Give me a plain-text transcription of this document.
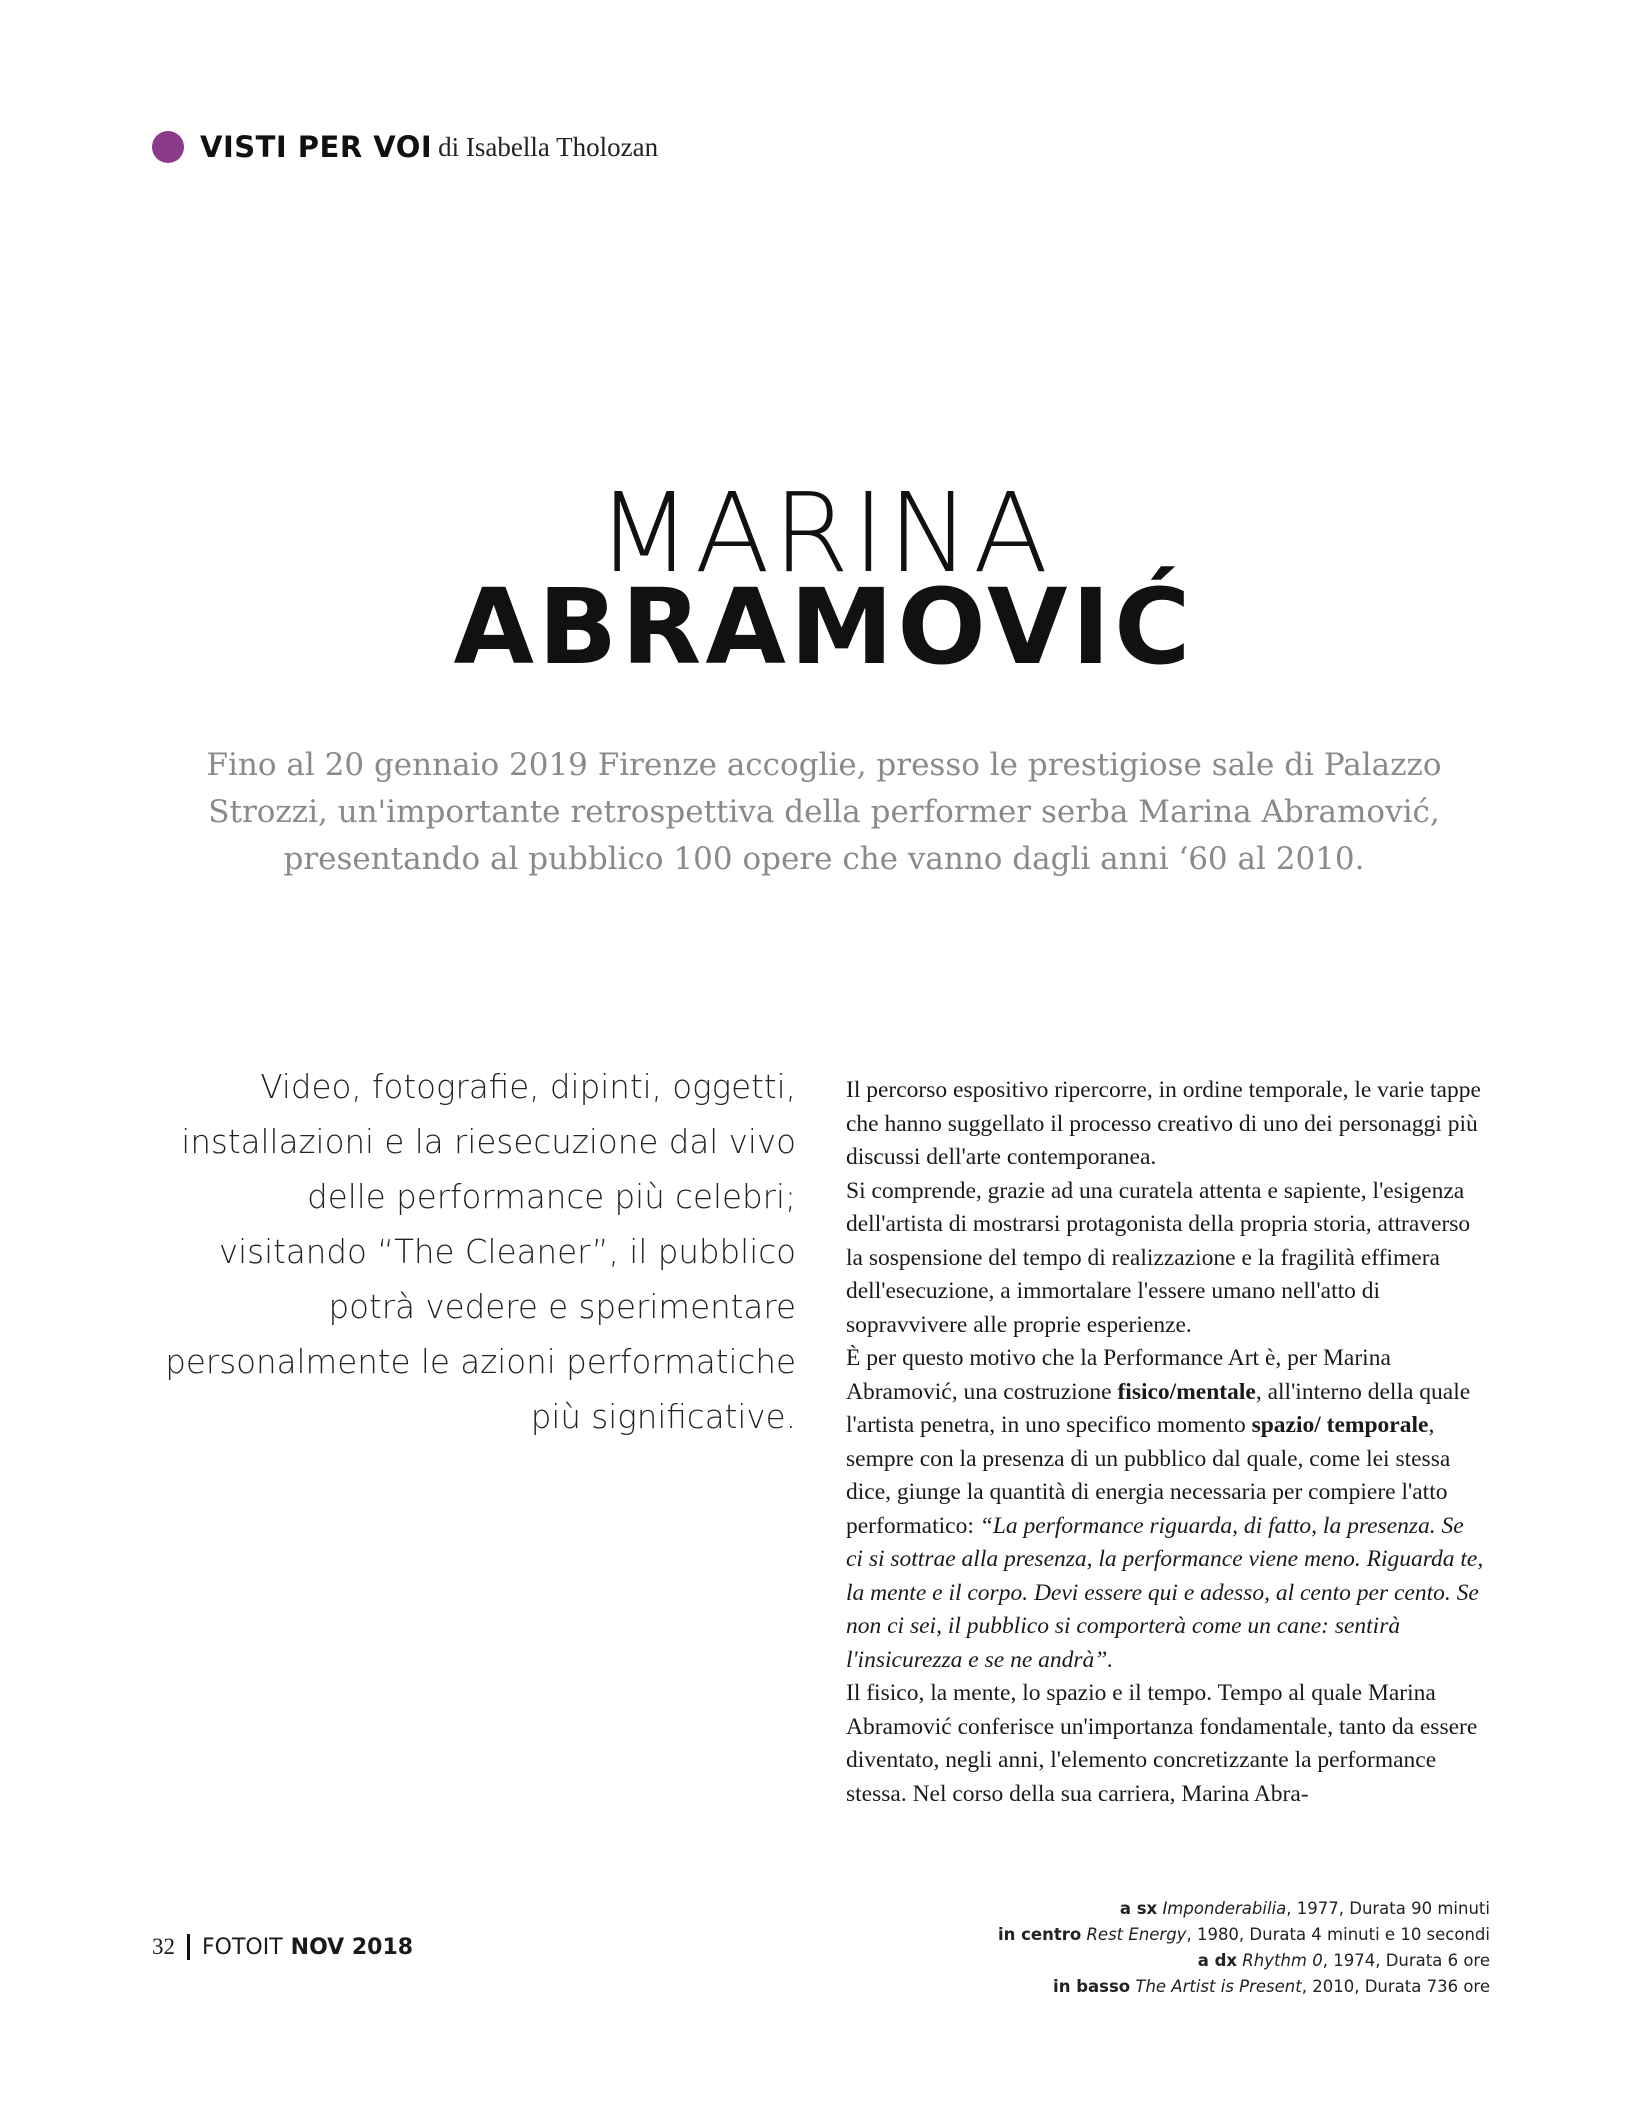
VISTI PER VOI di Isabella Tholozan
MARINA
ABRAMOVIĆ
Fino al 20 gennaio 2019 Firenze accoglie, presso le prestigiose sale di Palazzo Strozzi, un'importante retrospettiva della performer serba Marina Abramović, presentando al pubblico 100 opere che vanno dagli anni ‘60 al 2010.
Video, fotografie, dipinti, oggetti, installazioni e la riesecuzione dal vivo delle performance più celebri; visitando “The Cleaner”, il pubblico potrà vedere e sperimentare personalmente le azioni performatiche più significative.

Il percorso espositivo ripercorre, in ordine temporale, le varie tappe che hanno suggellato il processo creativo di uno dei personaggi più discussi dell'arte contemporanea.

Si comprende, grazie ad una curatela attenta e sapiente, l'esigenza dell'artista di mostrarsi protagonista della propria storia, attraverso la sospensione del tempo di realizzazione e la fragilità effimera dell'esecuzione, a immortalare l'essere umano nell'atto di sopravvivere alle proprie esperienze.

È per questo motivo che la Performance Art è, per Marina Abramović, una costruzione fisico/mentale, all'interno della quale l'artista penetra, in uno specifico momento spazio/ temporale, sempre con la presenza di un pubblico dal quale, come lei stessa dice, giunge la quantità di energia necessaria per compiere l'atto performatico: “La performance riguarda, di fatto, la presenza. Se ci si sottrae alla presenza, la performance viene meno. Riguarda te, la mente e il corpo. Devi essere qui e adesso, al cento per cento. Se non ci sei, il pubblico si comporterà come un cane: sentirà l'insicurezza e se ne andrà”.

Il fisico, la mente, lo spazio e il tempo. Tempo al quale Marina Abramović conferisce un'importanza fondamentale, tanto da essere diventato, negli anni, l'elemento concretizzante la performance stessa. Nel corso della sua carriera, Marina Abra-

a sx Imponderabilia, 1977, Durata 90 minuti
in centro Rest Energy, 1980, Durata 4 minuti e 10 secondi
a dx Rhythm 0, 1974, Durata 6 ore
in basso The Artist is Present, 2010, Durata 736 ore
32 FOTOIT NOV 2018
